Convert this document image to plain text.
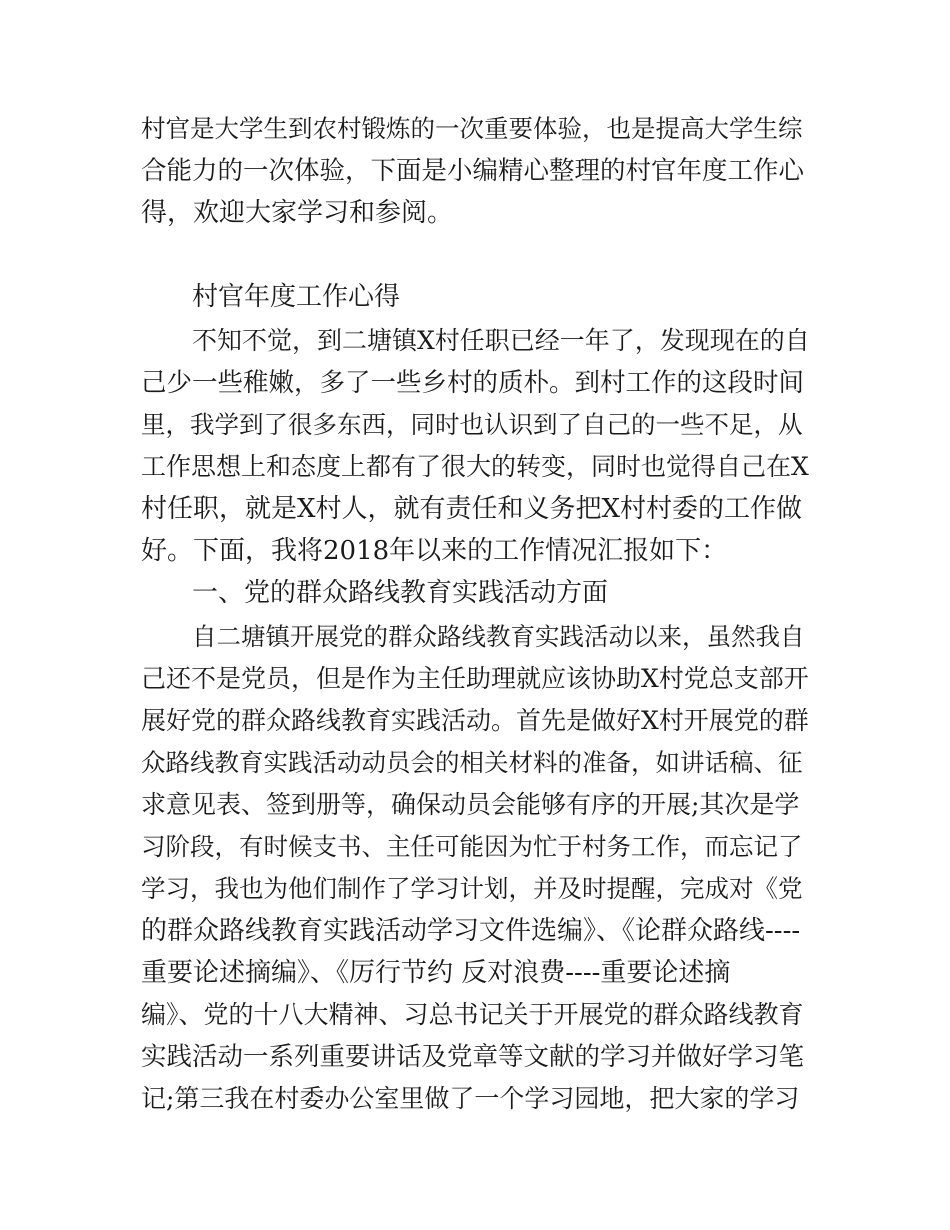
村官是大学生到农村锻炼的一次重要体验，也是提高大学生综
合能力的一次体验，下面是小编精心整理的村官年度工作心
得，欢迎大家学习和参阅。
村官年度工作心得
不知不觉，到二塘镇X村任职已经一年了，发现现在的自
己少一些稚嫩，多了一些乡村的质朴。到村工作的这段时间
里，我学到了很多东西，同时也认识到了自己的一些不足，从
工作思想上和态度上都有了很大的转变，同时也觉得自己在X
村任职，就是X村人，就有责任和义务把X村村委的工作做
好。下面，我将2018年以来的工作情况汇报如下：
一、党的群众路线教育实践活动方面
自二塘镇开展党的群众路线教育实践活动以来，虽然我自
己还不是党员，但是作为主任助理就应该协助X村党总支部开
展好党的群众路线教育实践活动。首先是做好X村开展党的群
众路线教育实践活动动员会的相关材料的准备，如讲话稿、征
求意见表、签到册等，确保动员会能够有序的开展;其次是学
习阶段，有时候支书、主任可能因为忙于村务工作，而忘记了
学习，我也为他们制作了学习计划，并及时提醒，完成对《党
的群众路线教育实践活动学习文件选编》、《论群众路线----
重要论述摘编》、《厉行节约 反对浪费----重要论述摘
编》、党的十八大精神、习总书记关于开展党的群众路线教育
实践活动一系列重要讲话及党章等文献的学习并做好学习笔
记;第三我在村委办公室里做了一个学习园地，把大家的学习
